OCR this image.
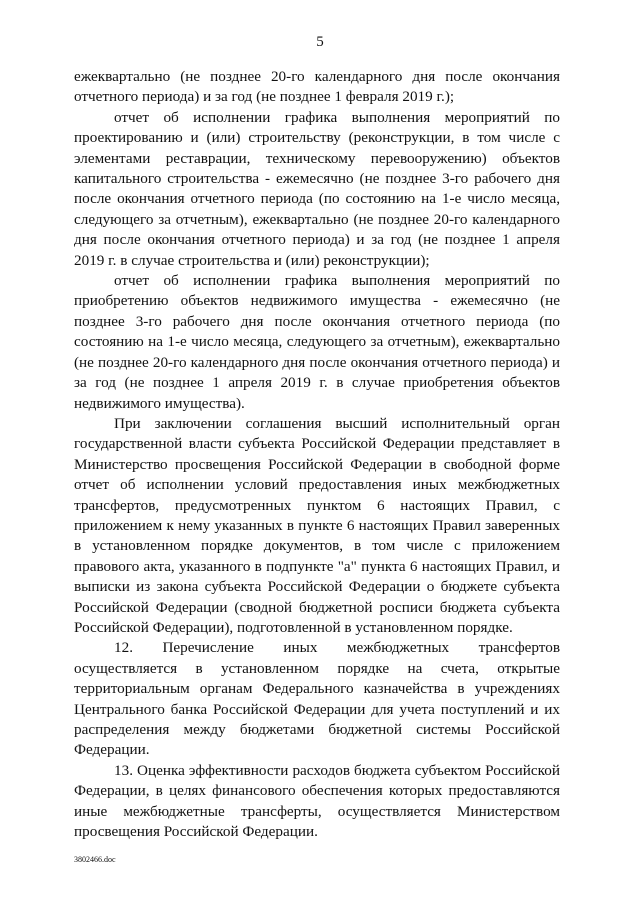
5

ежеквартально (не позднее 20-го календарного дня после окончания отчетного периода) и за год (не позднее 1 февраля 2019 г.);

отчет об исполнении графика выполнения мероприятий по проектированию и (или) строительству (реконструкции, в том числе с элементами реставрации, техническому перевооружению) объектов капитального строительства - ежемесячно (не позднее 3-го рабочего дня после окончания отчетного периода (по состоянию на 1-е число месяца, следующего за отчетным), ежеквартально (не позднее 20-го календарного дня после окончания отчетного периода) и за год (не позднее 1 апреля 2019 г. в случае строительства и (или) реконструкции);

отчет об исполнении графика выполнения мероприятий по приобретению объектов недвижимого имущества - ежемесячно (не позднее 3-го рабочего дня после окончания отчетного периода (по состоянию на 1-е число месяца, следующего за отчетным), ежеквартально (не позднее 20-го календарного дня после окончания отчетного периода) и за год (не позднее 1 апреля 2019 г. в случае приобретения объектов недвижимого имущества).

При заключении соглашения высший исполнительный орган государственной власти субъекта Российской Федерации представляет в Министерство просвещения Российской Федерации в свободной форме отчет об исполнении условий предоставления иных межбюджетных трансфертов, предусмотренных пунктом 6 настоящих Правил, с приложением к нему указанных в пункте 6 настоящих Правил заверенных в установленном порядке документов, в том числе с приложением правового акта, указанного в подпункте "а" пункта 6 настоящих Правил, и выписки из закона субъекта Российской Федерации о бюджете субъекта Российской Федерации (сводной бюджетной росписи бюджета субъекта Российской Федерации), подготовленной в установленном порядке.

12. Перечисление иных межбюджетных трансфертов осуществляется в установленном порядке на счета, открытые территориальным органам Федерального казначейства в учреждениях Центрального банка Российской Федерации для учета поступлений и их распределения между бюджетами бюджетной системы Российской Федерации.

13. Оценка эффективности расходов бюджета субъектом Российской Федерации, в целях финансового обеспечения которых предоставляются иные межбюджетные трансферты, осуществляется Министерством просвещения Российской Федерации.

3802466.doc
